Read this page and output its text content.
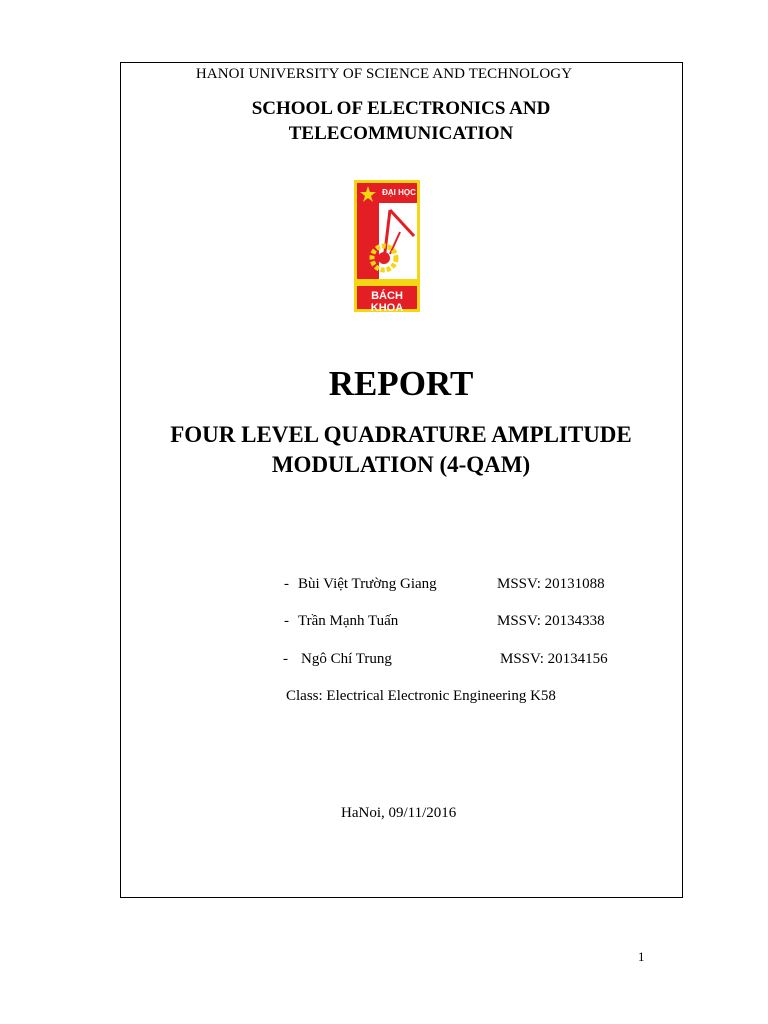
HANOI UNIVERSITY OF SCIENCE AND TECHNOLOGY
SCHOOL OF ELECTRONICS AND
TELECOMMUNICATION
ĐẠI HỌC
BÁCH KHOA
REPORT
FOUR LEVEL QUADRATURE AMPLITUDE
MODULATION (4-QAM)
- Bùi Việt Trường Giang	MSSV: 20131088
- Trần Mạnh Tuấn	MSSV: 20134338
- Ngô Chí Trung	MSSV: 20134156
Class: Electrical Electronic Engineering K58
HaNoi, 09/11/2016
1
